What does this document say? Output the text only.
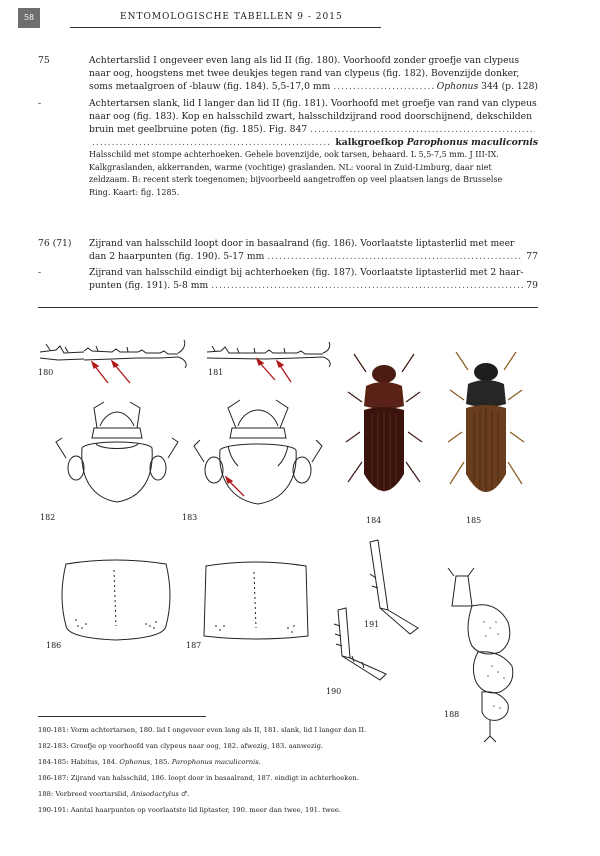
58	ENTOMOLOGISCHE TABELLEN 9 - 2015
75	Achtertarslid I ongeveer even lang als lid II (fig. 180). Voorhoofd zonder groefje van clypeus
naar oog, hoogstens met twee deukjes tegen rand van clypeus (fig. 182). Bovenzijde donker,
soms metaalgroen of -blauw (fig. 184). 5,5-17,0 mm .....	Ophonus
344 (p. 128)
-	Achtertarsen slank, lid I langer dan lid II (fig. 181). Voorhoofd met groefje van rand van clypeus
naar oog (fig. 183). Kop en halsschild zwart, halsschildzijrand rood doorschijnend, dekschilden
bruin met geelbruine poten (fig. 185). Fig. 847
.....
.....
kalkgroefkop
Parophonus maculicornis
Halsschild met stompe achterhoeken. Gehele bovenzijde, ook tarsen, behaard. L 5,5-7,5 mm. J III-IX.
Kalkgraslanden, akkerranden, warme (vochtige) graslanden. NL: vooral in Zuid-Limburg, daar niet
zeldzaam. B: recent sterk toegenomen; bijvoorbeeld aangetroffen op veel plaatsen langs de Brusselse
Ring. Kaart: fig. 1285.
76 (71)	Zijrand van halsschild loopt door in basaalrand (fig. 186). Voorlaatste liptasterlid met meer
dan 2 haarpunten (fig. 190). 5-17 mm .....	77
-	Zijrand van halsschild eindigt bij achterhoeken (fig. 187). Voorlaatste liptasterlid met 2 haar-
punten (fig. 191). 5-8 mm .....	79
180	181
182	183	184	185
186	187
191
190
188
180-181: Vorm achtertarsen, 180. lid I ongeveer even lang als II, 181. slank, lid I langer dan II.
182-183: Groefje op voorhoofd van clypeus naar oog, 182. afwezig, 183. aanwezig.
184-185: Habitus, 184. Ophonus, 185. Parophonus maculicornis.
186-187: Zijrand van halsschild, 186. loopt door in basaalrand, 187. eindigt in achterhoeken.
188: Verbreed voortarslid, Anisodactylus ♂.
190-191: Aantal haarpunten op voorlaatste lid liptaster, 190. meer dan twee, 191. twee.
